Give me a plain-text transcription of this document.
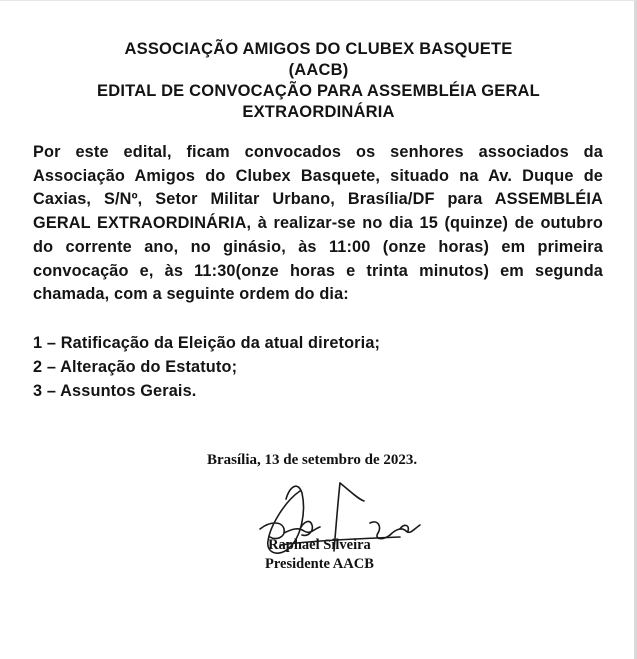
ASSOCIAÇÃO AMIGOS DO CLUBEX BASQUETE
(AACB)
EDITAL DE CONVOCAÇÃO PARA ASSEMBLÉIA GERAL
EXTRAORDINÁRIA
Por este edital, ficam convocados os senhores associados da Associação Amigos do Clubex Basquete, situado na Av. Duque de Caxias, S/Nº, Setor Militar Urbano, Brasília/DF para ASSEMBLÉIA GERAL EXTRAORDINÁRIA, à realizar-se no dia 15 (quinze) de outubro do corrente ano, no ginásio, às 11:00 (onze horas) em primeira convocação e, às 11:30(onze horas e trinta minutos) em segunda chamada, com a seguinte ordem do dia:
1 – Ratificação da Eleição da atual diretoria;
2 – Alteração do Estatuto;
3 – Assuntos Gerais.
Brasília, 13 de setembro de 2023.
Raphael Silveira
Presidente AACB
